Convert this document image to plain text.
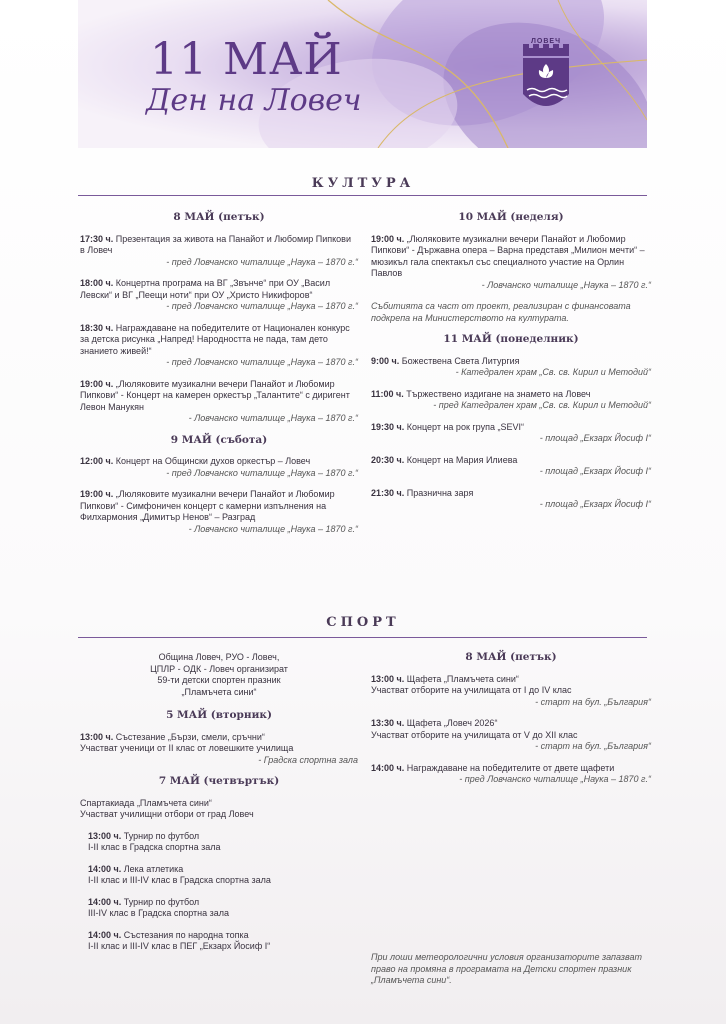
11 МАЙ
Ден на Ловеч
ЛОВЕЧ
КУЛТУРА
8 МАЙ (петък)
17:30 ч. Презентация за живота на Панайот и Любомир Пипкови в Ловеч
- пред Ловчанско читалище „Наука – 1870 г.“
18:00 ч. Концертна програма на ВГ „Звънче“ при ОУ „Васил Левски“ и ВГ „Пеещи ноти“ при ОУ „Христо Никифоров“
- пред Ловчанско читалище „Наука – 1870 г.“
18:30 ч. Награждаване на победителите от Национален конкурс за детска рисунка „Напред! Народността не пада, там дето знанието живей!“
- пред Ловчанско читалище „Наука – 1870 г.“
19:00 ч. „Люляковите музикални вечери Панайот и Любомир Пипкови“ - Концерт на камерен оркестър „Талантите“ с диригент Левон Манукян
- Ловчанско читалище „Наука – 1870 г.“
9 МАЙ (събота)
12:00 ч. Концерт на Общински духов оркестър – Ловеч
- пред Ловчанско читалище „Наука – 1870 г.“
19:00 ч. „Люляковите музикални вечери Панайот и Любомир Пипкови“ - Симфоничен концерт с камерни изпълнения на Филхармония „Димитър Ненов“ – Разград
- Ловчанско читалище „Наука – 1870 г.“
10 МАЙ (неделя)
19:00 ч. „Люляковите музикални вечери Панайот и Любомир Пипкови“ - Държавна опера – Варна представя „Милион мечти“ – мюзикъл гала спектакъл със специалното участие на Орлин Павлов
- Ловчанско читалище „Наука – 1870 г.“
Събитията са част от проект, реализиран с финансовата подкрепа на Министерството на културата.
11 МАЙ (понеделник)
9:00 ч. Божествена Света Литургия
- Катедрален храм „Св. св. Кирил и Методий“
11:00 ч. Тържествено издигане на знамето на Ловеч
- пред Катедрален храм „Св. св. Кирил и Методий“
19:30 ч. Концерт на рок група „SEVI“
- площад „Екзарх Йосиф I“
20:30 ч. Концерт на Мария Илиева
- площад „Екзарх Йосиф I“
21:30 ч. Празнична заря
- площад „Екзарх Йосиф I“
СПОРТ
Община Ловеч, РУО - Ловеч,
ЦПЛР - ОДК - Ловеч организират
59-ти детски спортен празник
„Пламъчета сини“
5 МАЙ (вторник)
13:00 ч. Състезание „Бързи, смели, сръчни“
Участват ученици от II клас от ловешките училища
- Градска спортна зала
7 МАЙ (четвъртък)
Спартакиада „Пламъчета сини“
Участват училищни отбори от град Ловеч
13:00 ч. Турнир по футбол
I-II клас в Градска спортна зала
14:00 ч. Лека атлетика
I-II клас и III-IV клас в Градска спортна зала
14:00 ч. Турнир по футбол
III-IV клас в Градска спортна зала
14:00 ч. Състезания по народна топка
I-II клас и III-IV клас в ПЕГ „Екзарх Йосиф I“
8 МАЙ (петък)
13:00 ч. Щафета „Пламъчета сини“
Участват отборите на училищата от I до IV клас
- старт на бул. „България“
13:30 ч. Щафета „Ловеч 2026“
Участват отборите на училищата от V до XII клас
- старт на бул. „България“
14:00 ч. Награждаване на победителите от двете щафети
- пред Ловчанско читалище „Наука – 1870 г.“
При лоши метеорологични условия организаторите запазват право на промяна в програмата на Детски спортен празник „Пламъчета сини“.
